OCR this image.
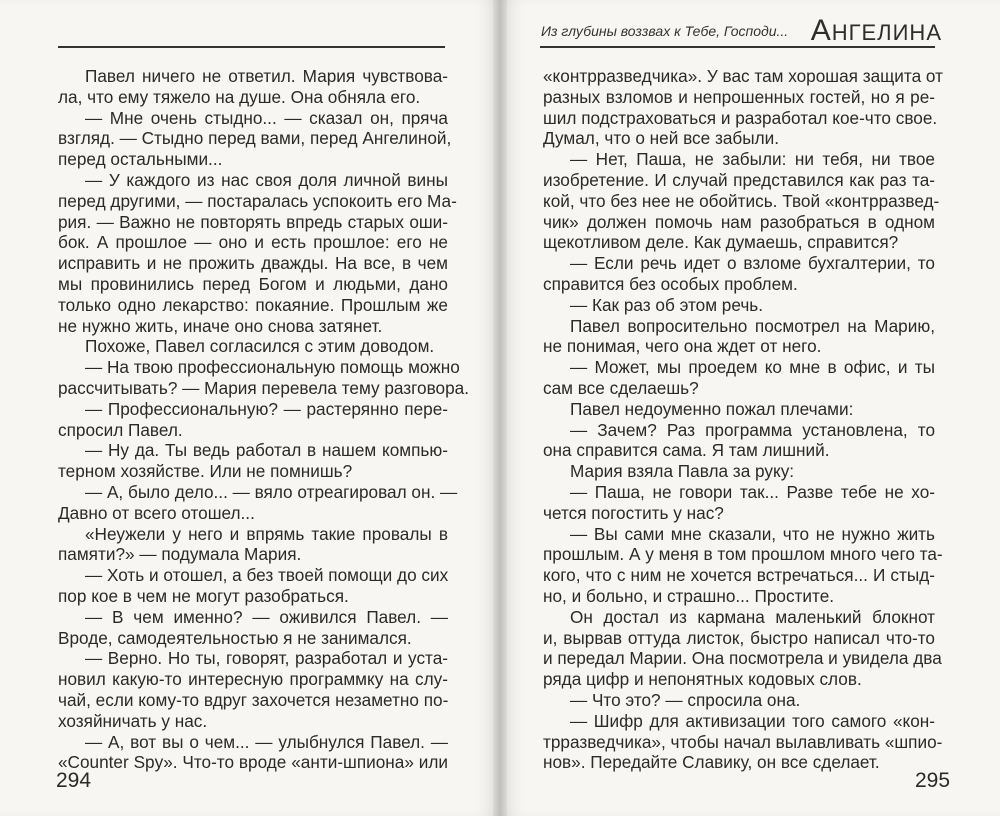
АНГЕЛИНА
Из глубины воззвах к Тебе, Господи...
Павел ничего не ответил. Мария чувствова-
ла, что ему тяжело на душе. Она обняла его.
— Мне очень стыдно... — сказал он, пряча
взгляд. — Стыдно перед вами, перед Ангелиной,
перед остальными...
— У каждого из нас своя доля личной вины
перед другими, — постаралась успокоить его Ма-
рия. — Важно не повторять впредь старых оши-
бок. А прошлое — оно и есть прошлое: его не
исправить и не прожить дважды. На все, в чем
мы провинились перед Богом и людьми, дано
только одно лекарство: покаяние. Прошлым же
не нужно жить, иначе оно снова затянет.
Похоже, Павел согласился с этим доводом.
— На твою профессиональную помощь можно
рассчитывать? — Мария перевела тему разговора.
— Профессиональную? — растерянно пере-
спросил Павел.
— Ну да. Ты ведь работал в нашем компью-
терном хозяйстве. Или не помнишь?
— А, было дело... — вяло отреагировал он. —
Давно от всего отошел...
«Неужели у него и впрямь такие провалы в
памяти?» — подумала Мария.
— Хоть и отошел, а без твоей помощи до сих
пор кое в чем не могут разобраться.
— В чем именно? — оживился Павел. —
Вроде, самодеятельностью я не занимался.
— Верно. Но ты, говорят, разработал и уста-
новил какую-то интересную программку на слу-
чай, если кому-то вдруг захочется незаметно по-
хозяйничать у нас.
— А, вот вы о чем... — улыбнулся Павел. —
«Counter Spy». Что-то вроде «анти-шпиона» или
«контрразведчика». У вас там хорошая защита от
разных взломов и непрошенных гостей, но я ре-
шил подстраховаться и разработал кое-что свое.
Думал, что о ней все забыли.
— Нет, Паша, не забыли: ни тебя, ни твое
изобретение. И случай представился как раз та-
кой, что без нее не обойтись. Твой «контрразвед-
чик» должен помочь нам разобраться в одном
щекотливом деле. Как думаешь, справится?
— Если речь идет о взломе бухгалтерии, то
справится без особых проблем.
— Как раз об этом речь.
Павел вопросительно посмотрел на Марию,
не понимая, чего она ждет от него.
— Может, мы проедем ко мне в офис, и ты
сам все сделаешь?
Павел недоуменно пожал плечами:
— Зачем? Раз программа установлена, то
она справится сама. Я там лишний.
Мария взяла Павла за руку:
— Паша, не говори так... Разве тебе не хо-
чется погостить у нас?
— Вы сами мне сказали, что не нужно жить
прошлым. А у меня в том прошлом много чего та-
кого, что с ним не хочется встречаться... И стыд-
но, и больно, и страшно... Простите.
Он достал из кармана маленький блокнот
и, вырвав оттуда листок, быстро написал что-то
и передал Марии. Она посмотрела и увидела два
ряда цифр и непонятных кодовых слов.
— Что это? — спросила она.
— Шифр для активизации того самого «кон-
трразведчика», чтобы начал вылавливать «шпио-
нов». Передайте Славику, он все сделает.
294	295
